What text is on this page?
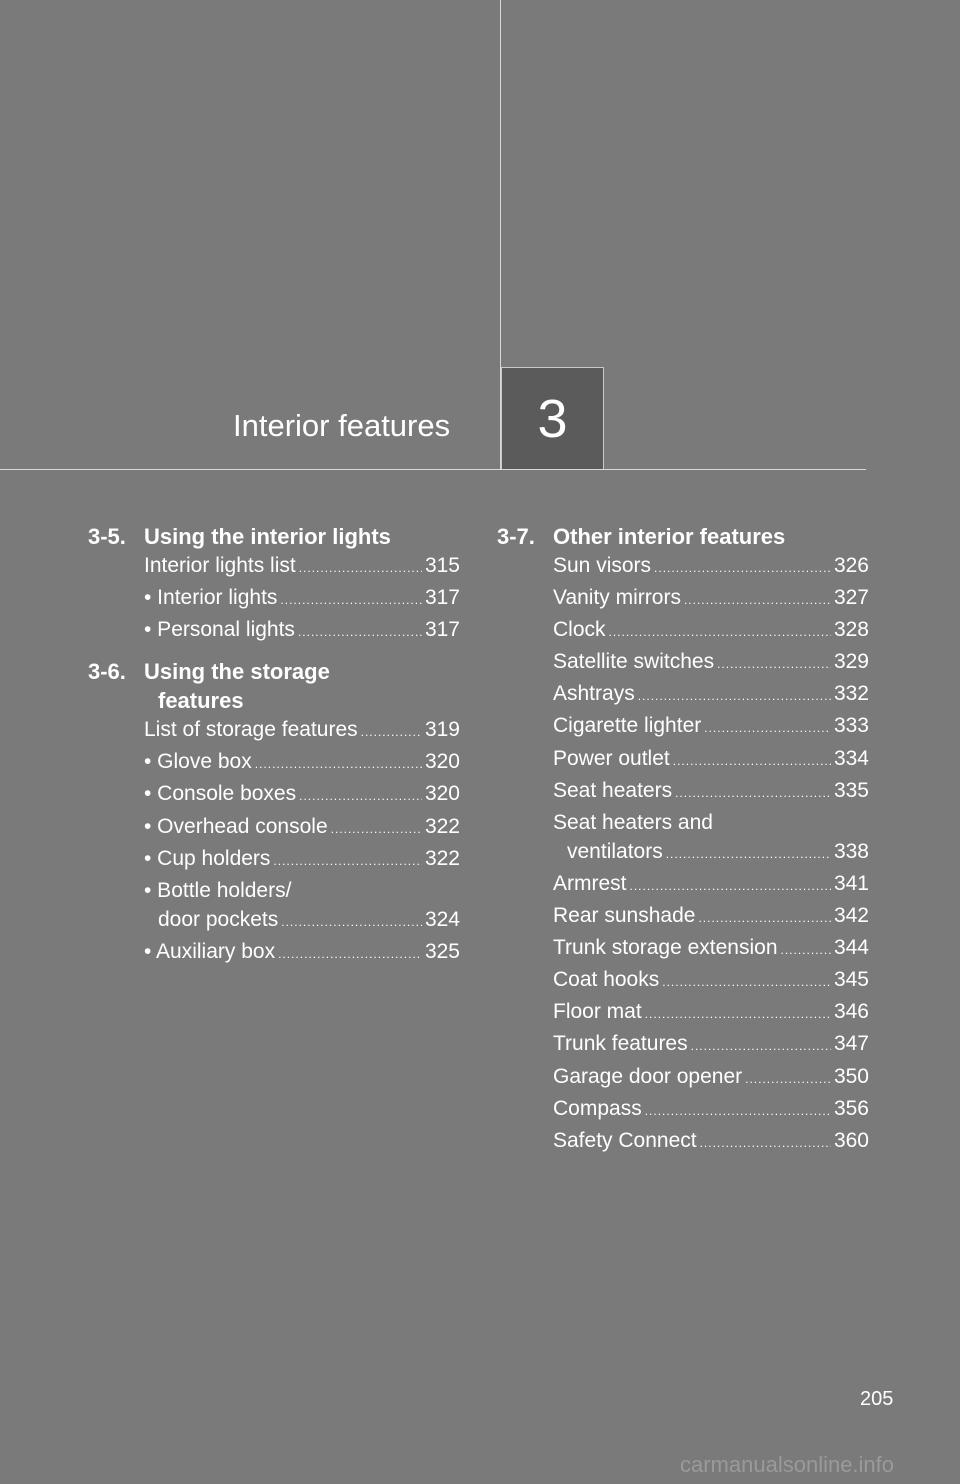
Interior features 3
3-5. Using the interior lights
Interior lights list .....	315
• Interior lights .....	317
• Personal lights .....	317
3-6. Using the storage
features
List of storage features .....	319
• Glove box .....	320
• Console boxes .....	320
• Overhead console .....	322
• Cup holders .....	322
• Bottle holders/
door pockets .....	324
• Auxiliary box .....	325
3-7. Other interior features
Sun visors .....	326
Vanity mirrors .....	327
Clock .....	328
Satellite switches .....	329
Ashtrays .....	332
Cigarette lighter .....	333
Power outlet .....	334
Seat heaters .....	335
Seat heaters and
ventilators .....	338
Armrest .....	341
Rear sunshade .....	342
Trunk storage extension .....	344
Coat hooks .....	345
Floor mat .....	346
Trunk features .....	347
Garage door opener .....	350
Compass .....	356
Safety Connect .....	360
205
carmanualsonline.info
